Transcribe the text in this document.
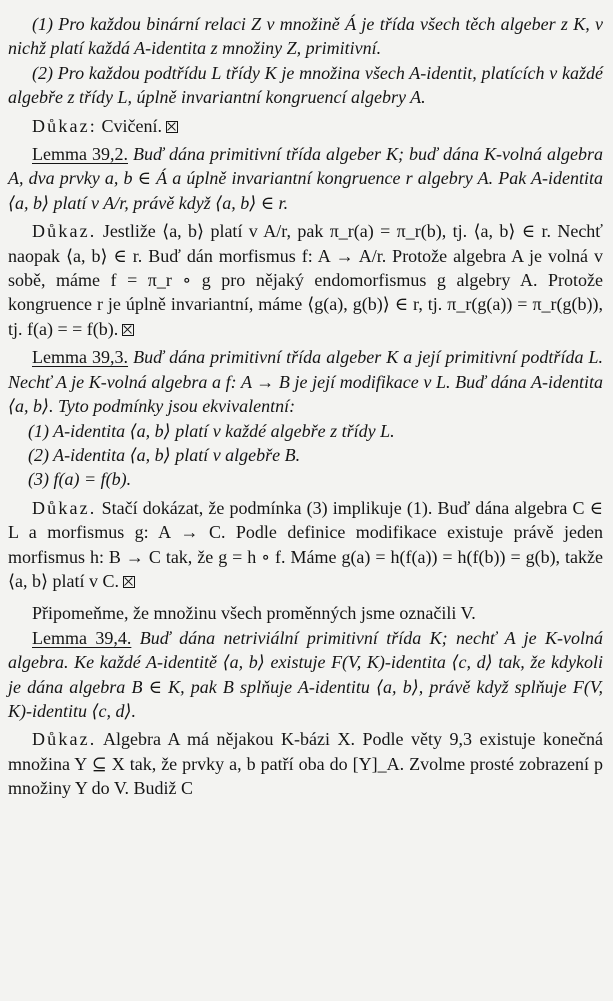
(1) Pro každou binární relaci Z v množině Á je třída všech těch algeber z K, v nichž platí každá A-identita z množiny Z, primitivní.

(2) Pro každou podtřídu L třídy K je množina všech A-identit, platících v každé algebře z třídy L, úplně invariantní kongruencí algebry A.

Důkaz: Cvičení.

Lemma 39,2. Buď dána primitivní třída algeber K; buď dána K-volná algebra A, dva prvky a, b ∈ Á a úplně invariantní kongruence r algebry A. Pak A-identita ⟨a, b⟩ platí v A/r, právě když ⟨a, b⟩ ∈ r.

Důkaz. Jestliže ⟨a, b⟩ platí v A/r, pak π_r(a) = π_r(b), tj. ⟨a, b⟩ ∈ r. Nechť naopak ⟨a, b⟩ ∈ r. Buď dán morfismus f: A → A/r. Protože algebra A je volná v sobě, máme f = π_r ∘ g pro nějaký endomorfismus g algebry A. Protože kongruence r je úplně invariantní, máme ⟨g(a), g(b)⟩ ∈ r, tj. π_r(g(a)) = π_r(g(b)), tj. f(a) = = f(b).

Lemma 39,3. Buď dána primitivní třída algeber K a její primitivní podtřída L. Nechť A je K-volná algebra a f: A → B je její modifikace v L. Buď dána A-identita ⟨a, b⟩. Tyto podmínky jsou ekvivalentní:

(1) A-identita ⟨a, b⟩ platí v každé algebře z třídy L.

(2) A-identita ⟨a, b⟩ platí v algebře B.

(3) f(a) = f(b).

Důkaz. Stačí dokázat, že podmínka (3) implikuje (1). Buď dána algebra C ∈ L a morfismus g: A → C. Podle definice modifikace existuje právě jeden morfismus h: B → C tak, že g = h ∘ f. Máme g(a) = h(f(a)) = h(f(b)) = g(b), takže ⟨a, b⟩ platí v C.

Připomeňme, že množinu všech proměnných jsme označili V.

Lemma 39,4. Buď dána netriviální primitivní třída K; nechť A je K-volná algebra. Ke každé A-identitě ⟨a, b⟩ existuje F(V, K)-identita ⟨c, d⟩ tak, že kdykoli je dána algebra B ∈ K, pak B splňuje A-identitu ⟨a, b⟩, právě když splňuje F(V, K)-identitu ⟨c, d⟩.

Důkaz. Algebra A má nějakou K-bázi X. Podle věty 9,3 existuje konečná množina Y ⊆ X tak, že prvky a, b patří oba do [Y]_A. Zvolme prosté zobrazení p množiny Y do V. Budiž C
